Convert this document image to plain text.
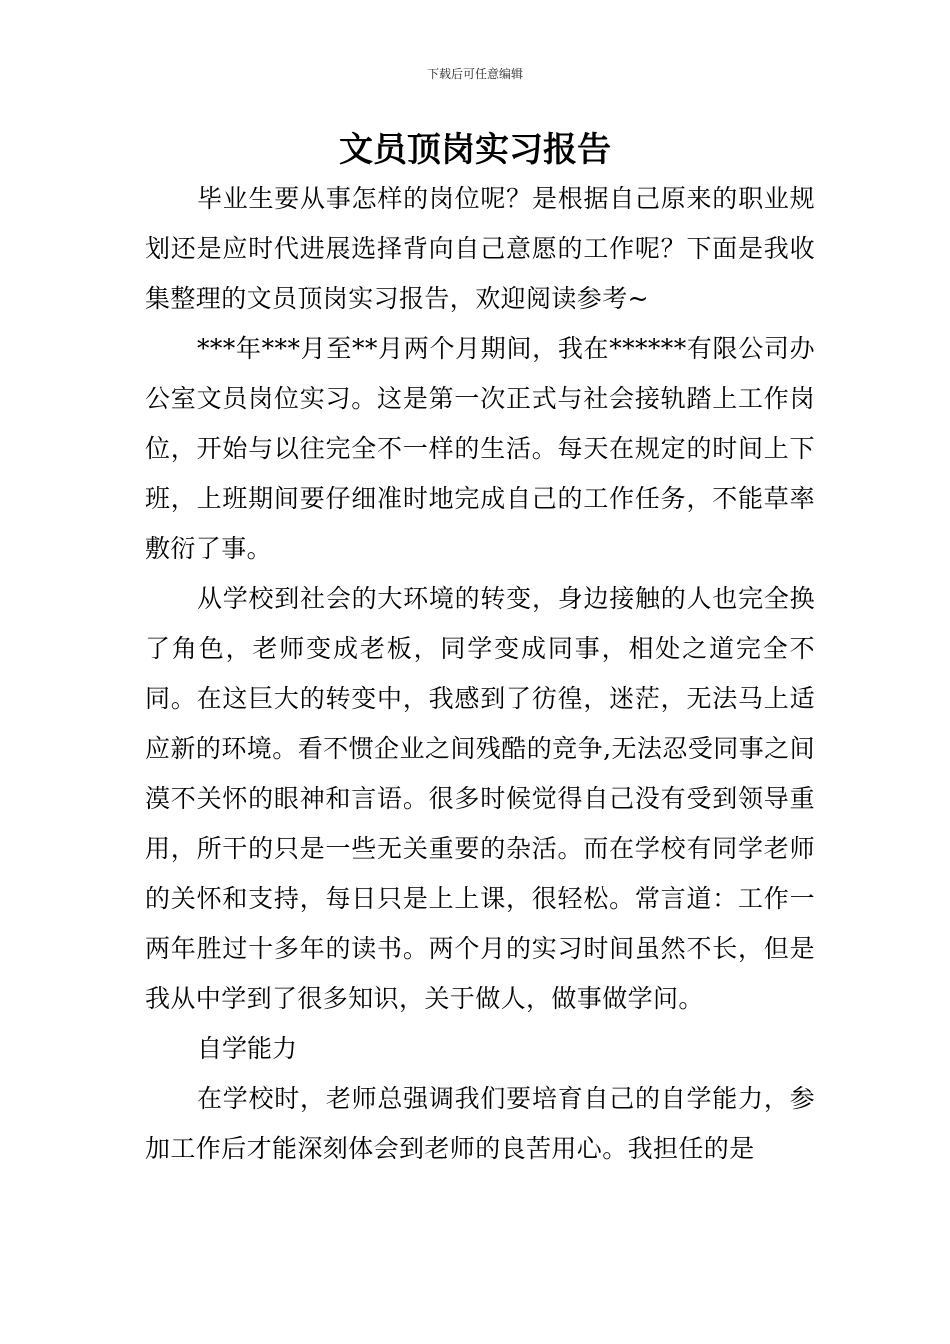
下载后可任意编辑
文员顶岗实习报告

毕业生要从事怎样的岗位呢？是根据自己原来的职业规划还是应时代进展选择背向自己意愿的工作呢？下面是我收集整理的文员顶岗实习报告，欢迎阅读参考~

***年***月至**月两个月期间，我在******有限公司办公室文员岗位实习。这是第一次正式与社会接轨踏上工作岗位，开始与以往完全不一样的生活。每天在规定的时间上下班，上班期间要仔细准时地完成自己的工作任务，不能草率敷衍了事。

从学校到社会的大环境的转变，身边接触的人也完全换了角色，老师变成老板，同学变成同事，相处之道完全不同。在这巨大的转变中，我感到了彷徨，迷茫，无法马上适应新的环境。看不惯企业之间残酷的竞争,无法忍受同事之间漠不关怀的眼神和言语。很多时候觉得自己没有受到领导重用，所干的只是一些无关重要的杂活。而在学校有同学老师的关怀和支持，每日只是上上课，很轻松。常言道：工作一两年胜过十多年的读书。两个月的实习时间虽然不长，但是我从中学到了很多知识，关于做人，做事做学问。

自学能力

在学校时，老师总强调我们要培育自己的自学能力，参加工作后才能深刻体会到老师的良苦用心。我担任的是
